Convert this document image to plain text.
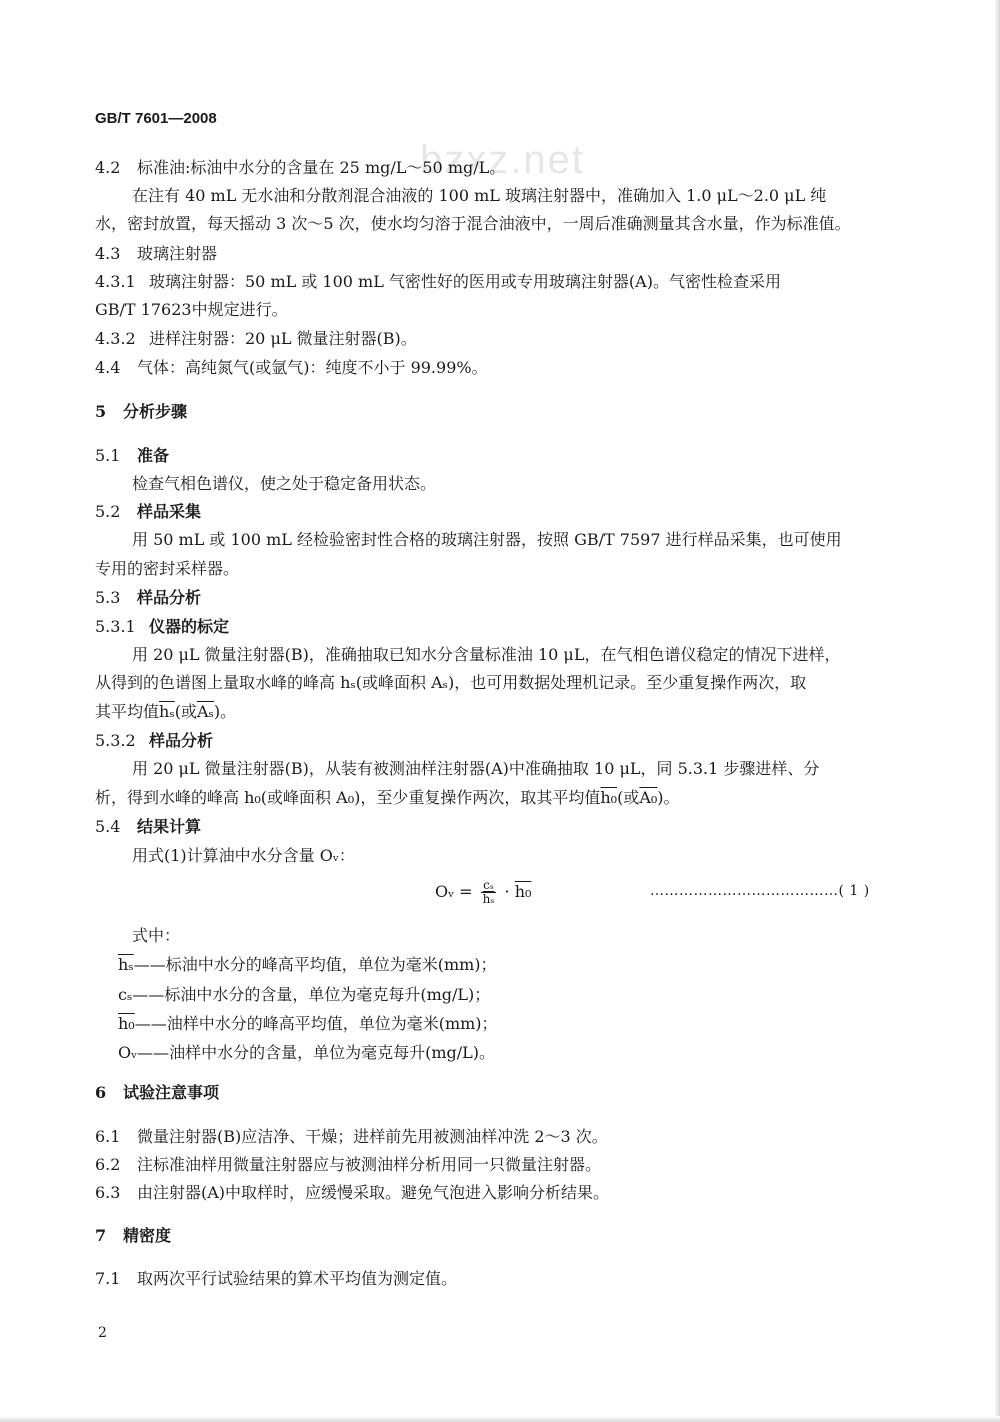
bzxz.net
GB/T 7601—2008
4.2 标准油:标油中水分的含量在 25 mg/L～50 mg/L。
在注有 40 mL 无水油和分散剂混合油液的 100 mL 玻璃注射器中，准确加入 1.0 μL～2.0 μL 纯
水，密封放置，每天摇动 3 次～5 次，使水均匀溶于混合油液中，一周后准确测量其含水量，作为标准值。
4.3 玻璃注射器
4.3.1 玻璃注射器：50 mL 或 100 mL 气密性好的医用或专用玻璃注射器(A)。气密性检查采用
GB/T 17623中规定进行。
4.3.2 进样注射器：20 μL 微量注射器(B)。
4.4 气体：高纯氮气(或氩气)：纯度不小于 99.99%。
5 分析步骤
5.1 准备
检查气相色谱仪，使之处于稳定备用状态。
5.2 样品采集
用 50 mL 或 100 mL 经检验密封性合格的玻璃注射器，按照 GB/T 7597 进行样品采集，也可使用
专用的密封采样器。
5.3 样品分析
5.3.1 仪器的标定
用 20 μL 微量注射器(B)，准确抽取已知水分含量标准油 10 μL，在气相色谱仪稳定的情况下进样，
从得到的色谱图上量取水峰的峰高 hₛ(或峰面积 Aₛ)，也可用数据处理机记录。至少重复操作两次，取
其平均值$\overline{h_s}$(或$\overline{A_s}$)。
5.3.2 样品分析
用 20 μL 微量注射器(B)，从装有被测油样注射器(A)中准确抽取 10 μL，同 5.3.1 步骤进样、分
析，得到水峰的峰高 h₀(或峰面积 A₀)，至少重复操作两次，取其平均值h₀(或A₀)。
5.4 结果计算
用式(1)计算油中水分含量 Oᵥ：
Oᵥ = $\frac{\text{cₛ}}{\text{hₛ}} \cdot h_0$	…………………………………( 1 )
式中：
$\overline{h_s}——$标油中水分的峰高平均值，单位为毫米(mm)；
cₛ——标油中水分的含量，单位为毫克每升(mg/L)；
h₀——油样中水分的峰高平均值，单位为毫米(mm)；
Oᵥ——油样中水分的含量，单位为毫克每升(mg/L)。
6 试验注意事项
6.1 微量注射器(B)应洁净、干燥；进样前先用被测油样冲洗 2～3 次。
6.2 注标准油样用微量注射器应与被测油样分析用同一只微量注射器。
6.3 由注射器(A)中取样时，应缓慢采取。避免气泡进入影响分析结果。
7 精密度
7.1 取两次平行试验结果的算术平均值为测定值。
2
